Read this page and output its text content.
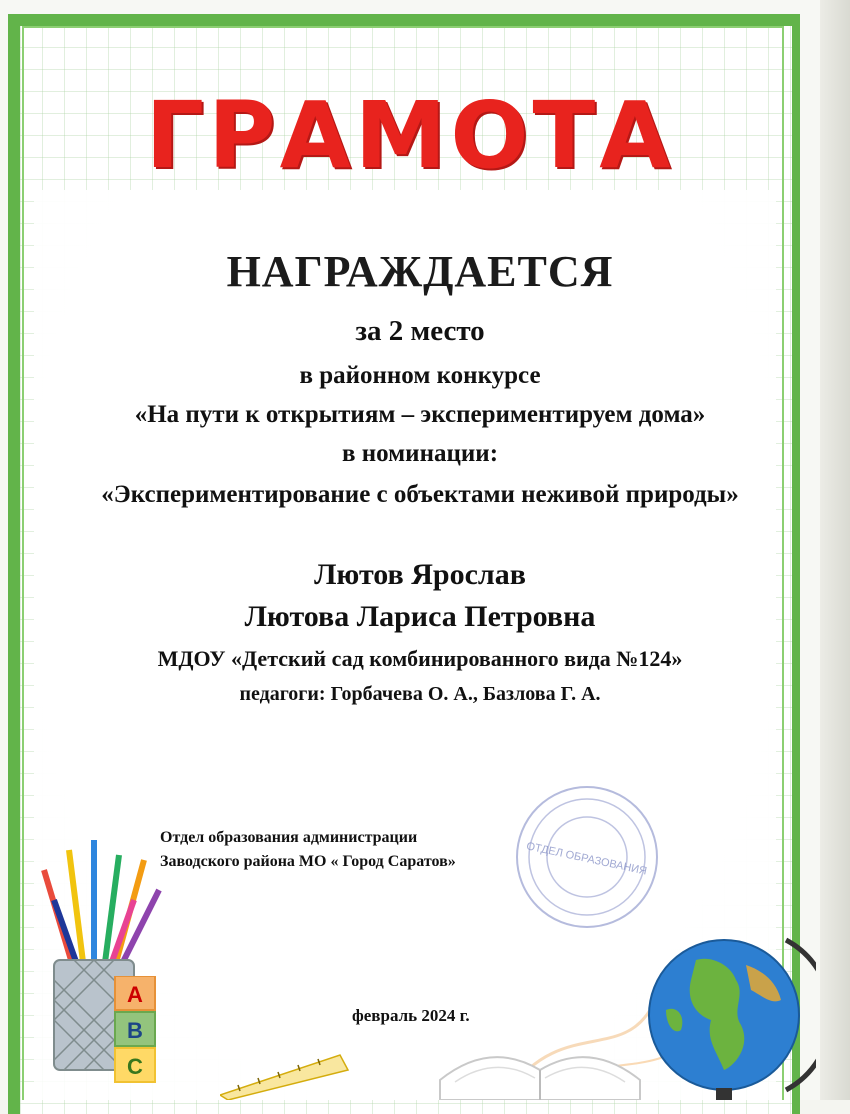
ГРАМОТА
НАГРАЖДАЕТСЯ
за 2 место
в районном конкурсе
«На пути к открытиям – экспериментируем дома»
в номинации:
«Экспериментирование с объектами неживой природы»
Лютов Ярослав
Лютова Лариса Петровна
МДОУ «Детский сад комбинированного вида №124»
педагоги: Горбачева О. А., Базлова Г. А.
Отдел образования администрации
Заводского района МО « Город Саратов»	ОТДЕЛ ОБРАЗОВАНИЯ
февраль 2024 г.
А
В
С
